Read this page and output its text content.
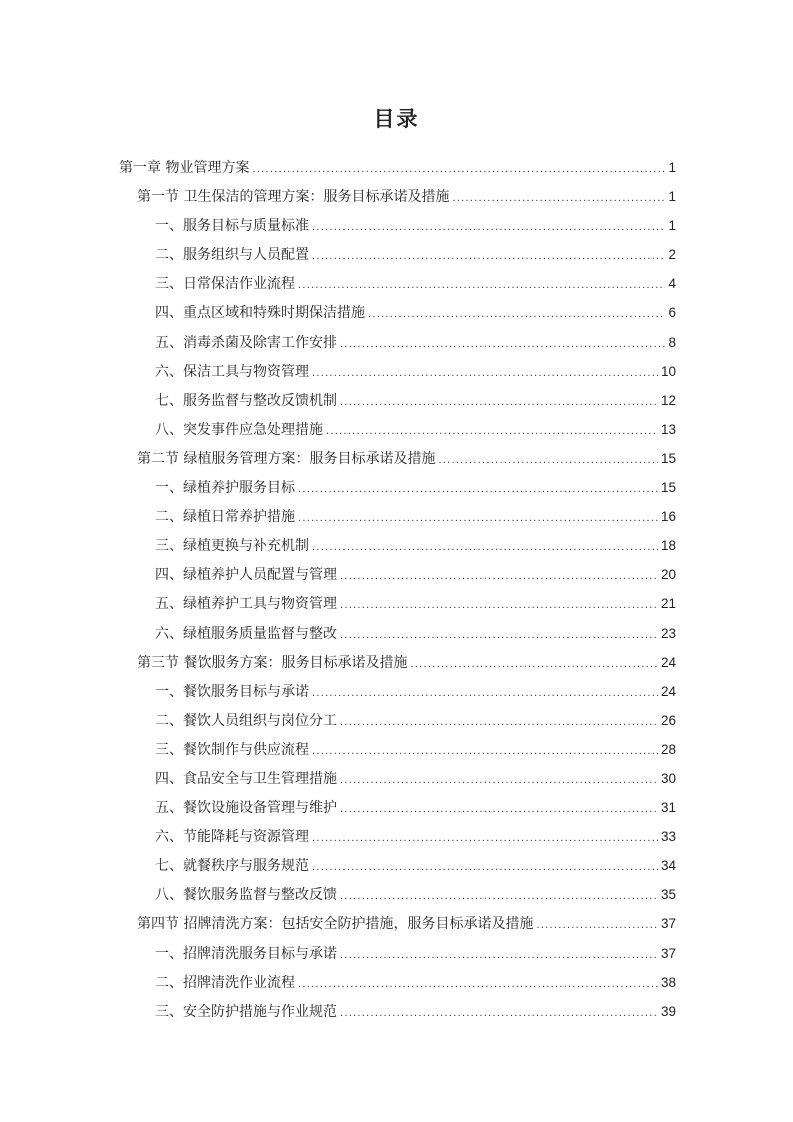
目录
第一章 物业管理方案 .....	1
第一节 卫生保洁的管理方案：服务目标承诺及措施 .....	1
一、服务目标与质量标准 .....	1
二、服务组织与人员配置 .....	2
三、日常保洁作业流程 .....	4
四、重点区域和特殊时期保洁措施 .....	6
五、消毒杀菌及除害工作安排 .....	8
六、保洁工具与物资管理 .....	10
七、服务监督与整改反馈机制 .....	12
八、突发事件应急处理措施 .....	13
第二节 绿植服务管理方案：服务目标承诺及措施 .....	15
一、绿植养护服务目标 .....	15
二、绿植日常养护措施 .....	16
三、绿植更换与补充机制 .....	18
四、绿植养护人员配置与管理 .....	20
五、绿植养护工具与物资管理 .....	21
六、绿植服务质量监督与整改 .....	23
第三节 餐饮服务方案：服务目标承诺及措施 .....	24
一、餐饮服务目标与承诺 .....	24
二、餐饮人员组织与岗位分工 .....	26
三、餐饮制作与供应流程 .....	28
四、食品安全与卫生管理措施 .....	30
五、餐饮设施设备管理与维护 .....	31
六、节能降耗与资源管理 .....	33
七、就餐秩序与服务规范 .....	34
八、餐饮服务监督与整改反馈 .....	35
第四节 招牌清洗方案：包括安全防护措施，服务目标承诺及措施 .....	37
一、招牌清洗服务目标与承诺 .....	37
二、招牌清洗作业流程 .....	38
三、安全防护措施与作业规范 .....	39
